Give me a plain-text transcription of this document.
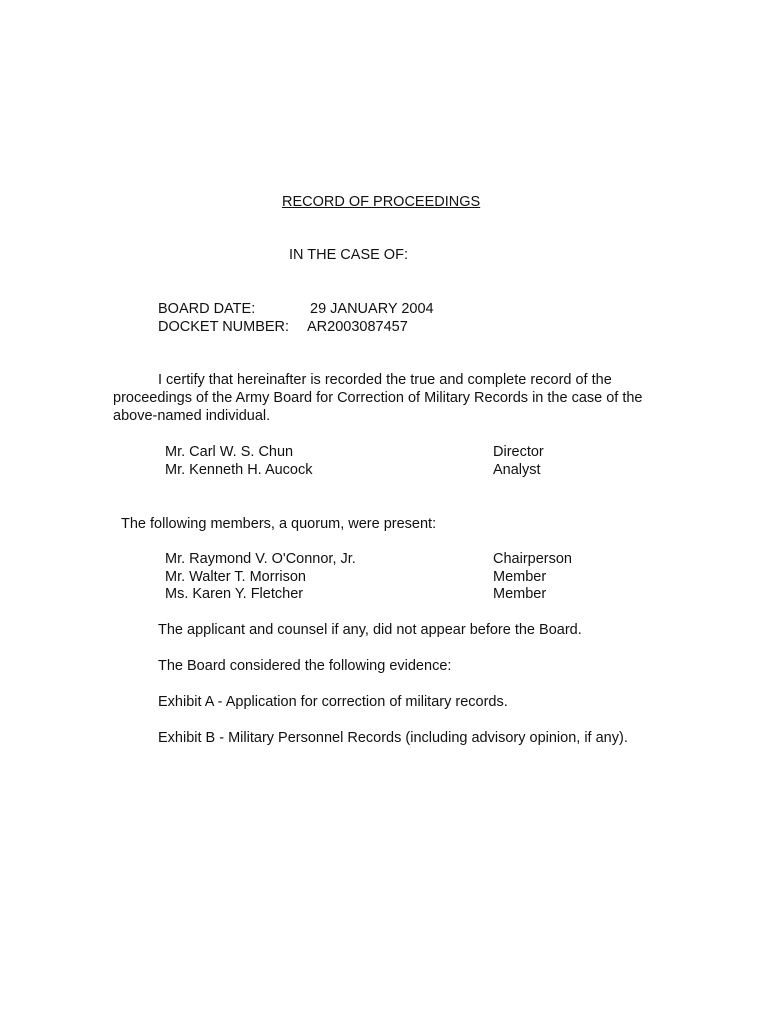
RECORD OF PROCEEDINGS
IN THE CASE OF:
BOARD DATE:	29 JANUARY 2004
DOCKET NUMBER: AR2003087457
I certify that hereinafter is recorded the true and complete record of the proceedings of the Army Board for Correction of Military Records in the case of the above-named individual.
Mr. Carl W. S. Chun	Director
Mr. Kenneth H. Aucock	Analyst
The following members, a quorum, were present:
Mr. Raymond V. O'Connor, Jr.	Chairperson
Mr. Walter T. Morrison	Member
Ms. Karen Y. Fletcher	Member
The applicant and counsel if any, did not appear before the Board.
The Board considered the following evidence:
Exhibit A - Application for correction of military records.
Exhibit B - Military Personnel Records (including advisory opinion, if any).
